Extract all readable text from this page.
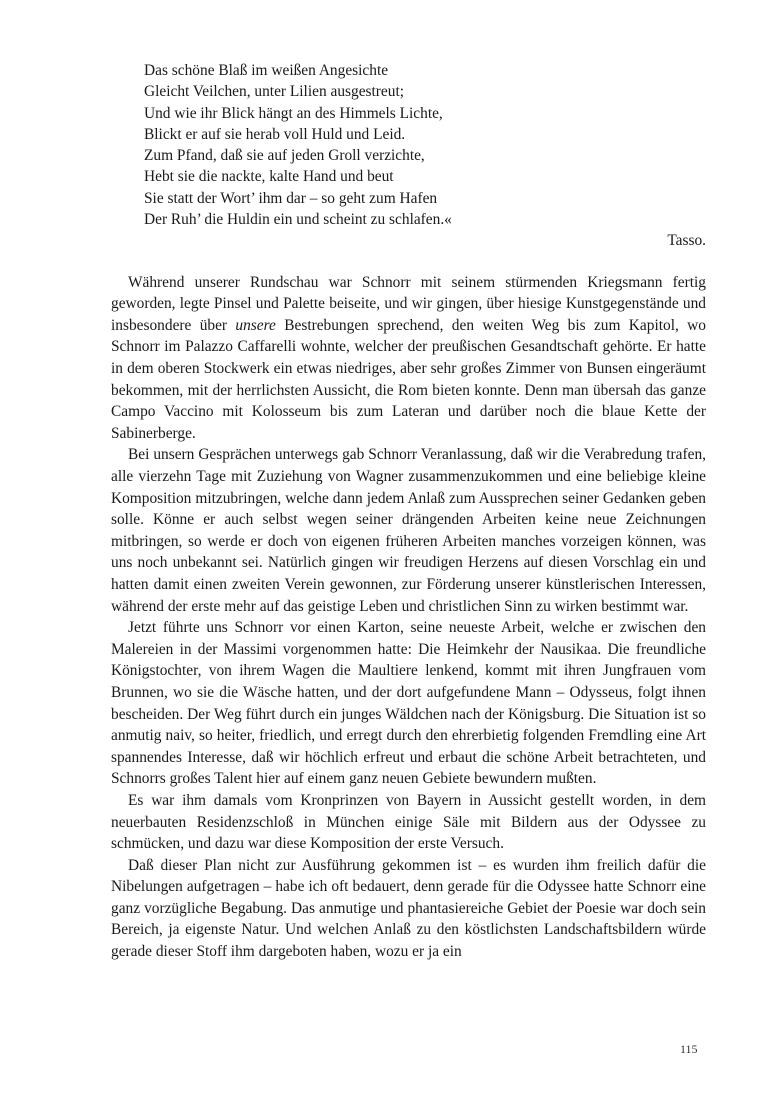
Das schöne Blaß im weißen Angesichte
Gleicht Veilchen, unter Lilien ausgestreut;
Und wie ihr Blick hängt an des Himmels Lichte,
Blickt er auf sie herab voll Huld und Leid.
Zum Pfand, daß sie auf jeden Groll verzichte,
Hebt sie die nackte, kalte Hand und beut
Sie statt der Wort’ ihm dar – so geht zum Hafen
Der Ruh’ die Huldin ein und scheint zu schlafen.«
Tasso.

Während unserer Rundschau war Schnorr mit seinem stürmenden Kriegsmann fertig geworden, legte Pinsel und Palette beiseite, und wir gingen, über hiesige Kunstgegenstände und insbesondere über unsere Bestrebungen sprechend, den weiten Weg bis zum Kapitol, wo Schnorr im Palazzo Caffarelli wohnte, welcher der preußischen Gesandtschaft gehörte. Er hatte in dem oberen Stockwerk ein etwas niedriges, aber sehr großes Zimmer von Bunsen eingeräumt bekommen, mit der herrlichsten Aussicht, die Rom bieten konnte. Denn man übersah das ganze Campo Vaccino mit Kolosseum bis zum Lateran und darüber noch die blaue Kette der Sabinerberge.

Bei unsern Gesprächen unterwegs gab Schnorr Veranlassung, daß wir die Verabredung trafen, alle vierzehn Tage mit Zuziehung von Wagner zusammenzukommen und eine beliebige kleine Komposition mitzubringen, welche dann jedem Anlaß zum Aussprechen seiner Gedanken geben solle. Könne er auch selbst wegen seiner drängenden Arbeiten keine neue Zeichnungen mitbringen, so werde er doch von eigenen früheren Arbeiten manches vorzeigen können, was uns noch unbekannt sei. Natürlich gingen wir freudigen Herzens auf diesen Vorschlag ein und hatten damit einen zweiten Verein gewonnen, zur Förderung unserer künstlerischen Interessen, während der erste mehr auf das geistige Leben und christlichen Sinn zu wirken bestimmt war.

Jetzt führte uns Schnorr vor einen Karton, seine neueste Arbeit, welche er zwischen den Malereien in der Massimi vorgenommen hatte: Die Heimkehr der Nausikaa. Die freundliche Königstochter, von ihrem Wagen die Maultiere lenkend, kommt mit ihren Jungfrauen vom Brunnen, wo sie die Wäsche hatten, und der dort aufgefundene Mann – Odysseus, folgt ihnen bescheiden. Der Weg führt durch ein junges Wäldchen nach der Königsburg. Die Situation ist so anmutig naiv, so heiter, friedlich, und erregt durch den ehrerbietig folgenden Fremdling eine Art spannendes Interesse, daß wir höchlich erfreut und erbaut die schöne Arbeit betrachteten, und Schnorrs großes Talent hier auf einem ganz neuen Gebiete bewundern mußten.

Es war ihm damals vom Kronprinzen von Bayern in Aussicht gestellt worden, in dem neuerbauten Residenzschloß in München einige Säle mit Bildern aus der Odyssee zu schmücken, und dazu war diese Komposition der erste Versuch.

Daß dieser Plan nicht zur Ausführung gekommen ist – es wurden ihm freilich dafür die Nibelungen aufgetragen – habe ich oft bedauert, denn gerade für die Odyssee hatte Schnorr eine ganz vorzügliche Begabung. Das anmutige und phantasiereiche Gebiet der Poesie war doch sein Bereich, ja eigenste Natur. Und welchen Anlaß zu den köstlichsten Landschaftsbildern würde gerade dieser Stoff ihm dargeboten haben, wozu er ja ein

115
